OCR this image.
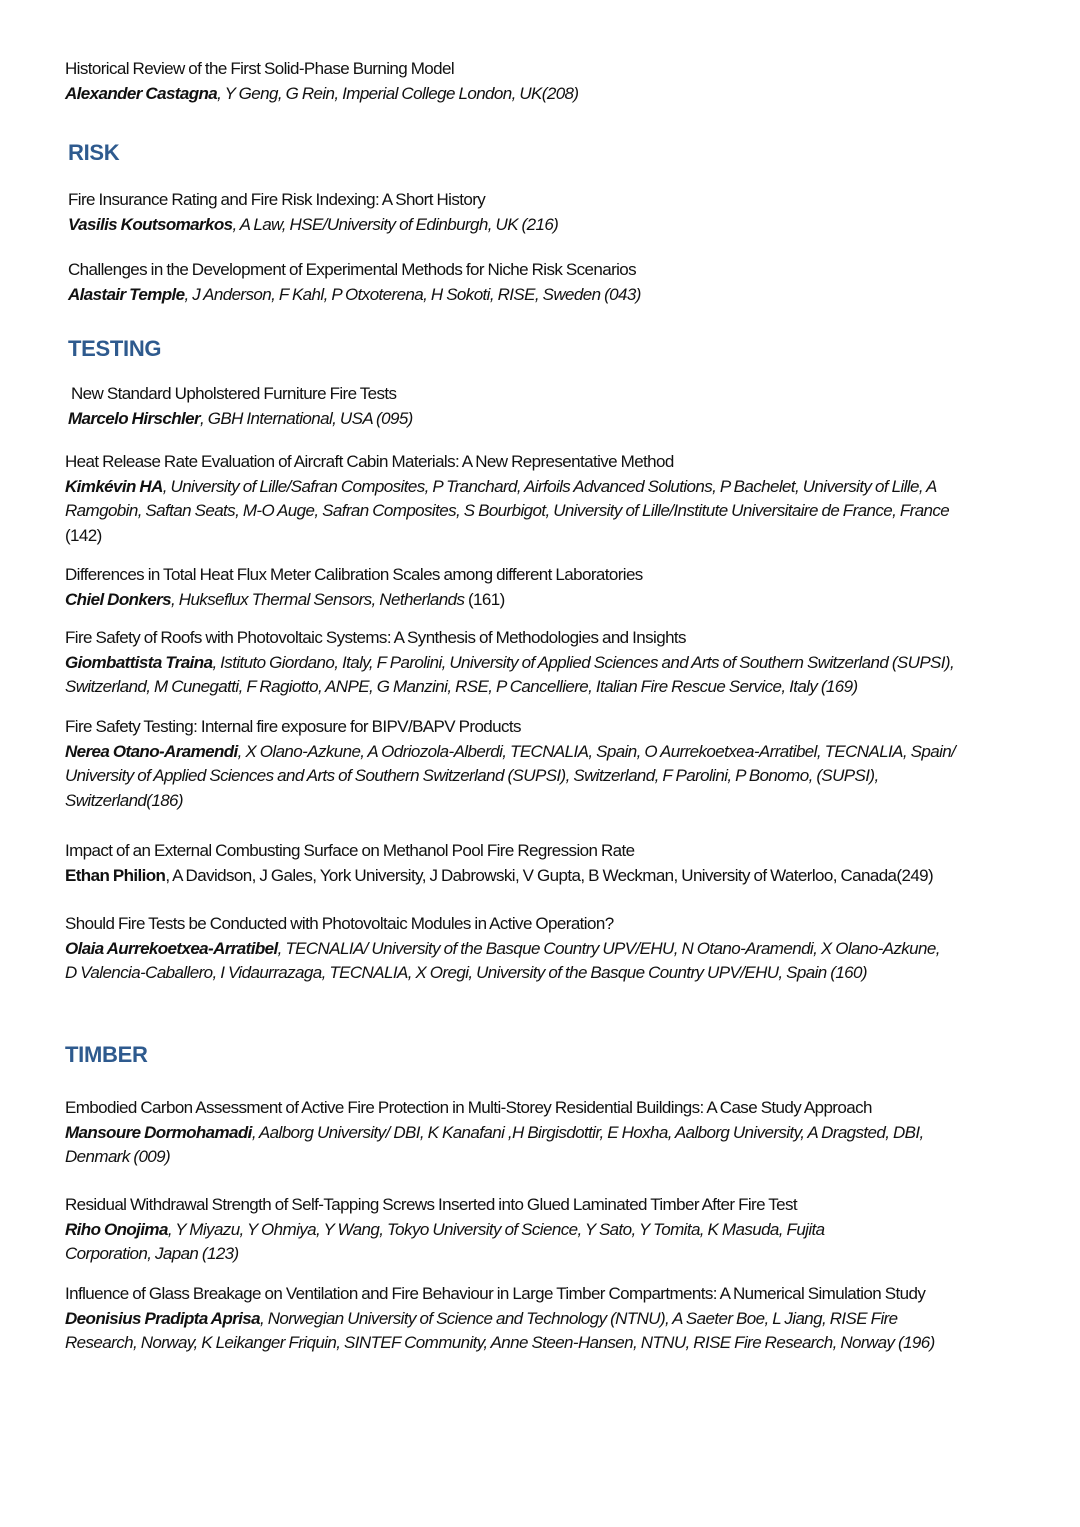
Historical Review of the First Solid-Phase Burning Model
Alexander Castagna, Y Geng, G Rein, Imperial College London, UK(208)
RISK
Fire Insurance Rating and Fire Risk Indexing: A Short History
Vasilis Koutsomarkos, A Law, HSE/University of Edinburgh, UK (216)
Challenges in the Development of Experimental Methods for Niche Risk Scenarios
Alastair Temple, J Anderson, F Kahl, P Otxoterena, H Sokoti, RISE, Sweden (043)
TESTING
New Standard Upholstered Furniture Fire Tests
Marcelo Hirschler, GBH International, USA (095)
Heat Release Rate Evaluation of Aircraft Cabin Materials: A New Representative Method
Kimkévin HA, University of Lille/Safran Composites, P Tranchard, Airfoils Advanced Solutions, P Bachelet, University of Lille, A Ramgobin, Saftan Seats, M-O Auge, Safran Composites, S Bourbigot, University of Lille/Institute Universitaire de France, France (142)
Differences in Total Heat Flux Meter Calibration Scales among different Laboratories
Chiel Donkers, Hukseflux Thermal Sensors, Netherlands (161)
Fire Safety of Roofs with Photovoltaic Systems: A Synthesis of Methodologies and Insights
Giombattista Traina, Istituto Giordano, Italy, F Parolini, University of Applied Sciences and Arts of Southern Switzerland (SUPSI), Switzerland, M Cunegatti, F Ragiotto, ANPE, G Manzini, RSE, P Cancelliere, Italian Fire Rescue Service, Italy (169)
Fire Safety Testing: Internal fire exposure for BIPV/BAPV Products
Nerea Otano-Aramendi, X Olano-Azkune, A Odriozola-Alberdi, TECNALIA, Spain, O Aurrekoetxea-Arratibel, TECNALIA, Spain/ University of Applied Sciences and Arts of Southern Switzerland (SUPSI), Switzerland, F Parolini, P Bonomo, (SUPSI), Switzerland(186)
Impact of an External Combusting Surface on Methanol Pool Fire Regression Rate
Ethan Philion, A Davidson, J Gales, York University, J Dabrowski, V Gupta, B Weckman, University of Waterloo, Canada(249)
Should Fire Tests be Conducted with Photovoltaic Modules in Active Operation?
Olaia Aurrekoetxea-Arratibel, TECNALIA/ University of the Basque Country UPV/EHU, N Otano-Aramendi, X Olano-Azkune, D Valencia-Caballero, I Vidaurrazaga, TECNALIA, X Oregi, University of the Basque Country UPV/EHU, Spain (160)
TIMBER
Embodied Carbon Assessment of Active Fire Protection in Multi-Storey Residential Buildings: A Case Study Approach
Mansoure Dormohamadi, Aalborg University/ DBI, K Kanafani ,H Birgisdottir, E Hoxha, Aalborg University, A Dragsted, DBI, Denmark (009)
Residual Withdrawal Strength of Self-Tapping Screws Inserted into Glued Laminated Timber After Fire Test
Riho Onojima, Y Miyazu, Y Ohmiya, Y Wang, Tokyo University of Science, Y Sato, Y Tomita, K Masuda, Fujita Corporation, Japan (123)
Influence of Glass Breakage on Ventilation and Fire Behaviour in Large Timber Compartments: A Numerical Simulation Study
Deonisius Pradipta Aprisa, Norwegian University of Science and Technology (NTNU), A Saeter Boe, L Jiang, RISE Fire Research, Norway, K Leikanger Friquin, SINTEF Community, Anne Steen-Hansen, NTNU, RISE Fire Research, Norway (196)
